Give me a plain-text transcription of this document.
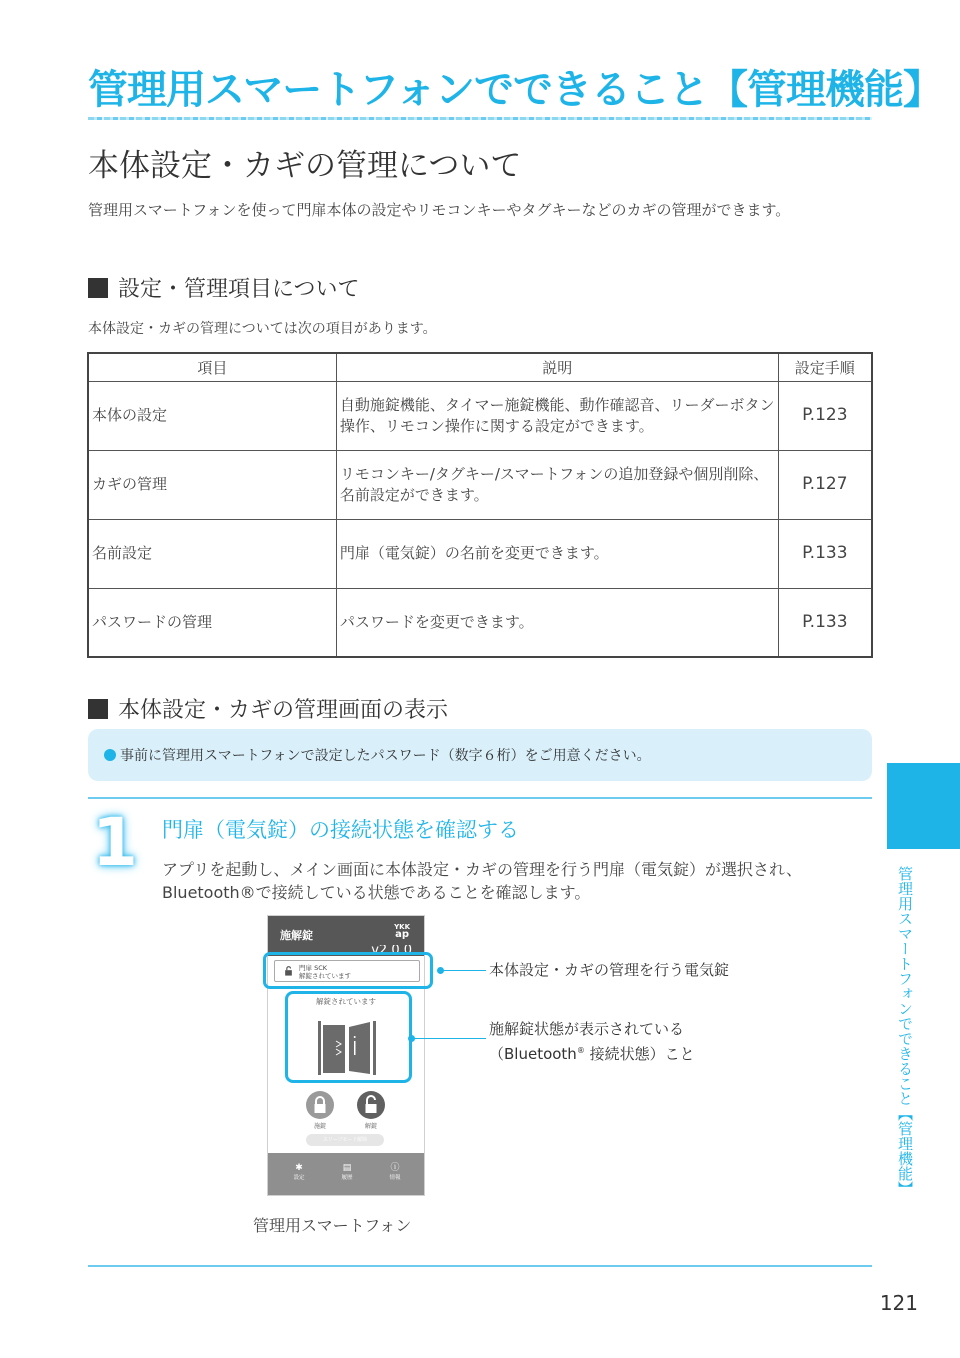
管理用スマートフォンでできること【管理機能】
本体設定・カギの管理について

管理用スマートフォンを使って門扉本体の設定やリモコンキーやタグキーなどのカギの管理ができます。

設定・管理項目について

本体設定・カギの管理については次の項目があります。

項目	説明	設定手順
本体の設定	自動施錠機能、タイマー施錠機能、動作確認音、リーダーボタン操作、リモコン操作に関する設定ができます。	P.123
カギの管理	リモコンキー/タグキー/スマートフォンの追加登録や個別削除、名前設定ができます。	P.127
名前設定	門扉（電気錠）の名前を変更できます。	P.133
パスワードの管理	パスワードを変更できます。	P.133
本体設定・カギの管理画面の表示
事前に管理用スマートフォンで設定したパスワード（数字６桁）をご用意ください。
1 門扉（電気錠）の接続状態を確認する
アプリを起動し、メイン画面に本体設定・カギの管理を行う門扉（電気錠）が選択され、
Bluetooth®で接続している状態であることを確認します。
施解錠
YKK
ap
v2.0.0
門扉 SCK
解錠されています
解錠されています
施錠	解錠
スリープモード解除
✱
設定
▤
履歴
ⓘ
情報
本体設定・カギの管理を行う電気錠
施解錠状態が表示されている
（Bluetooth® 接続状態）こと
管理用スマートフォン
管理用スマートフォンでできること【管理機能】
121
